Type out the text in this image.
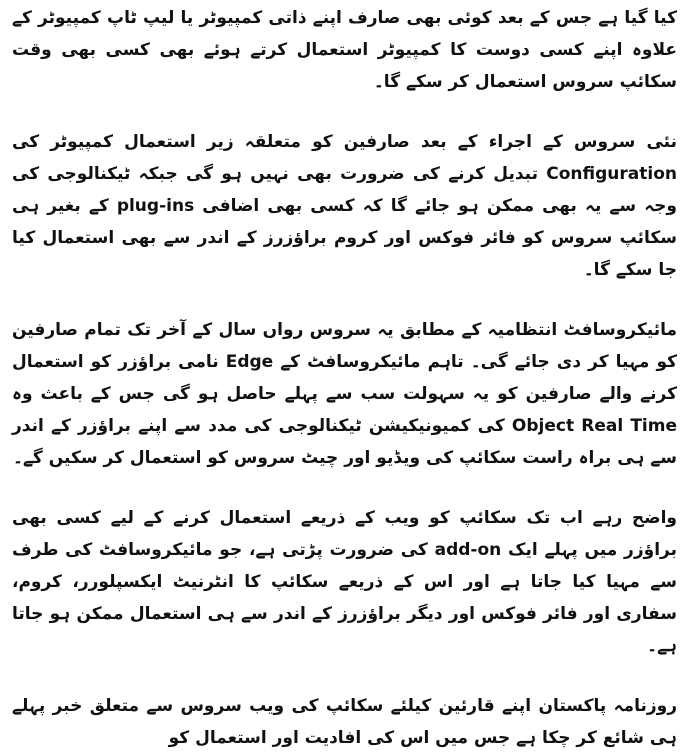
کیا گیا ہے جس کے بعد کوئی بھی صارف اپنے ذاتی کمپیوٹر یا لیپ ٹاپ کمپیوٹر کے علاوہ اپنے کسی دوست کا کمپیوٹر استعمال کرتے ہوئے بھی کسی بھی وقت سکائپ سروس استعمال کر سکے گا۔

نئی سروس کے اجراء کے بعد صارفین کو متعلقہ زیر استعمال کمپیوٹر کی Configuration تبدیل کرنے کی ضرورت بھی نہیں ہو گی جبکہ ٹیکنالوجی کی وجہ سے یہ بھی ممکن ہو جائے گا کہ کسی بھی اضافی plug-ins کے بغیر ہی سکائپ سروس کو فائر فوکس اور کروم براؤزرز کے اندر سے بھی استعمال کیا جا سکے گا۔

مائیکروسافٹ انتظامیہ کے مطابق یہ سروس رواں سال کے آخر تک تمام صارفین کو مہیا کر دی جائے گی۔ تاہم مائیکروسافٹ کے Edge نامی براؤزر کو استعمال کرنے والے صارفین کو یہ سہولت سب سے پہلے حاصل ہو گی جس کے باعث وہ Object Real Time کی کمیونیکیشن ٹیکنالوجی کی مدد سے اپنے براؤزر کے اندر سے ہی براہ راست سکائپ کی ویڈیو اور چیٹ سروس کو استعمال کر سکیں گے۔

واضح رہے اب تک سکائپ کو ویب کے ذریعے استعمال کرنے کے لیے کسی بھی براؤزر میں پہلے ایک add-on کی ضرورت پڑتی ہے، جو مائیکروسافٹ کی طرف سے مہیا کیا جاتا ہے اور اس کے ذریعے سکائپ کا انٹرنیٹ ایکسپلورر، کروم، سفاری اور فائر فوکس اور دیگر براؤزرز کے اندر سے ہی استعمال ممکن ہو جاتا ہے۔

روزنامہ پاکستان اپنے قارئین کیلئے سکائپ کی ویب سروس سے متعلق خبر پہلے ہی شائع کر چکا ہے جس میں اس کی افادیت اور استعمال کو
